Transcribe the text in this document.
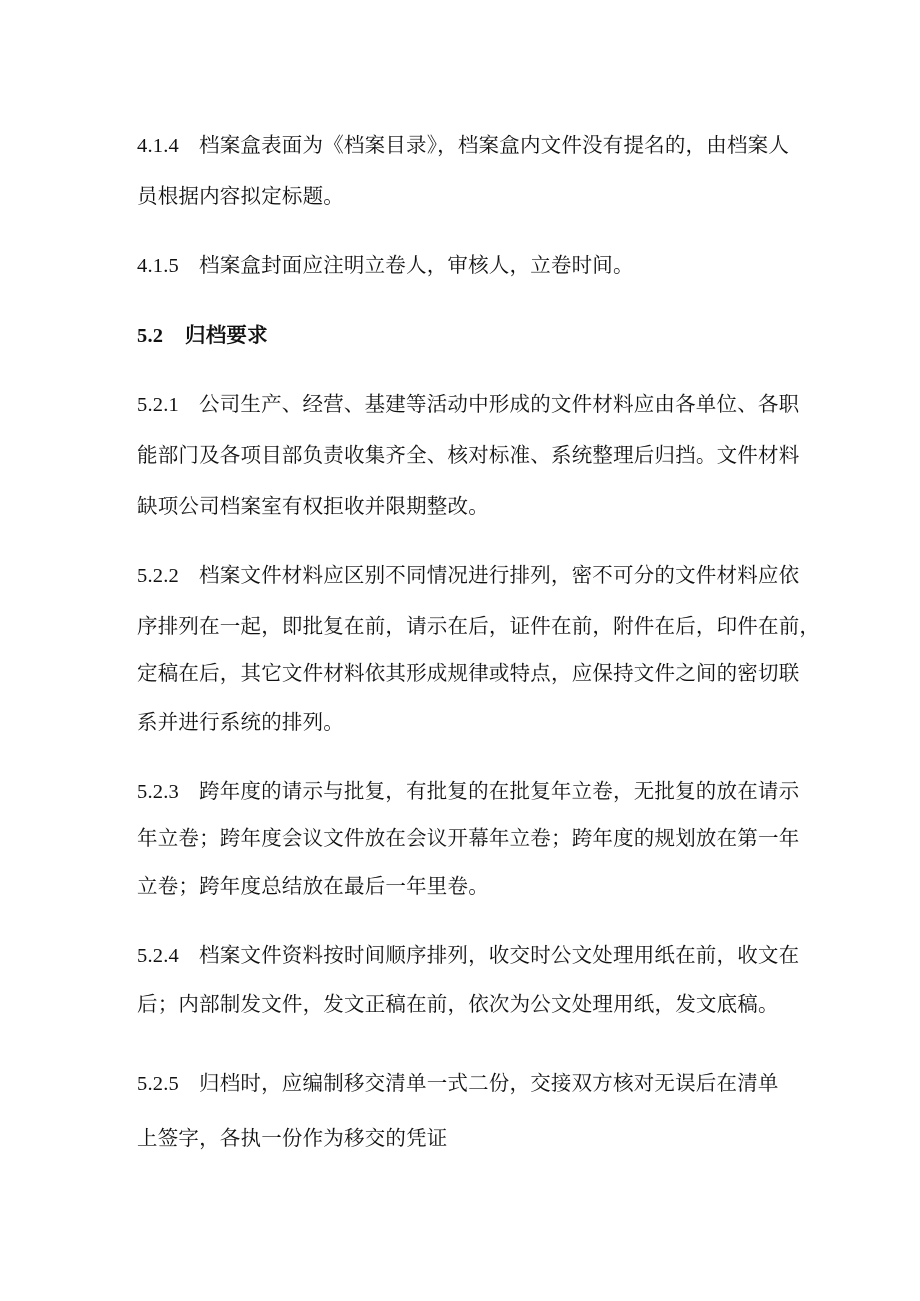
4.1.4 档案盒表面为《档案目录》，档案盒内文件没有提名的，由档案人
员根据内容拟定标题。
4.1.5 档案盒封面应注明立卷人，审核人，立卷时间。
5.2 归档要求
5.2.1 公司生产、经营、基建等活动中形成的文件材料应由各单位、各职
能部门及各项目部负责收集齐全、核对标准、系统整理后归挡。文件材料
缺项公司档案室有权拒收并限期整改。
5.2.2 档案文件材料应区别不同情况进行排列，密不可分的文件材料应依
序排列在一起，即批复在前，请示在后，证件在前，附件在后，印件在前，
定稿在后，其它文件材料依其形成规律或特点，应保持文件之间的密切联
系并进行系统的排列。
5.2.3 跨年度的请示与批复，有批复的在批复年立卷，无批复的放在请示
年立卷；跨年度会议文件放在会议开幕年立卷；跨年度的规划放在第一年
立卷；跨年度总结放在最后一年里卷。
5.2.4 档案文件资料按时间顺序排列，收交时公文处理用纸在前，收文在
后；内部制发文件，发文正稿在前，依次为公文处理用纸，发文底稿。
5.2.5 归档时，应编制移交清单一式二份，交接双方核对无误后在清单
上签字，各执一份作为移交的凭证
